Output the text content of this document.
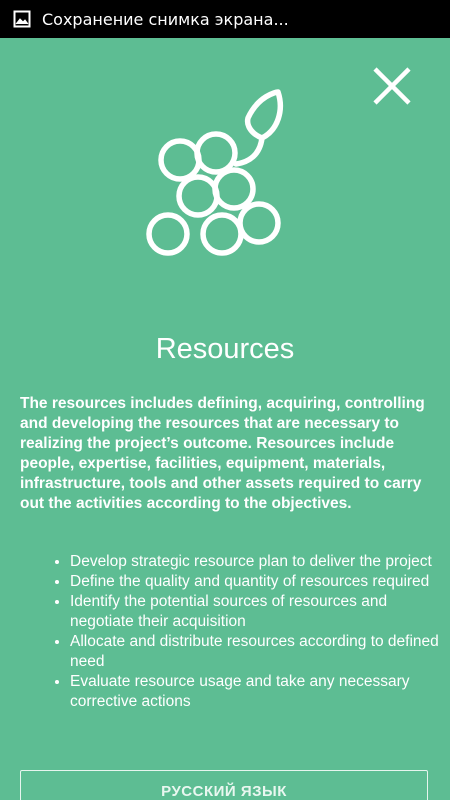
Сохранение снимка экрана...
Resources

The resources includes defining, acquiring, controlling and developing the resources that are necessary to realizing the project’s outcome. Resources include people, expertise, facilities, equipment, materials, infrastructure, tools and other assets required to carry out the activities according to the objectives.

• Develop strategic resource plan to deliver the project
• Define the quality and quantity of resources required
• Identify the potential sources of resources and negotiate their acquisition
• Allocate and distribute resources according to defined need
• Evaluate resource usage and take any necessary corrective actions
РУССКИЙ ЯЗЫК
